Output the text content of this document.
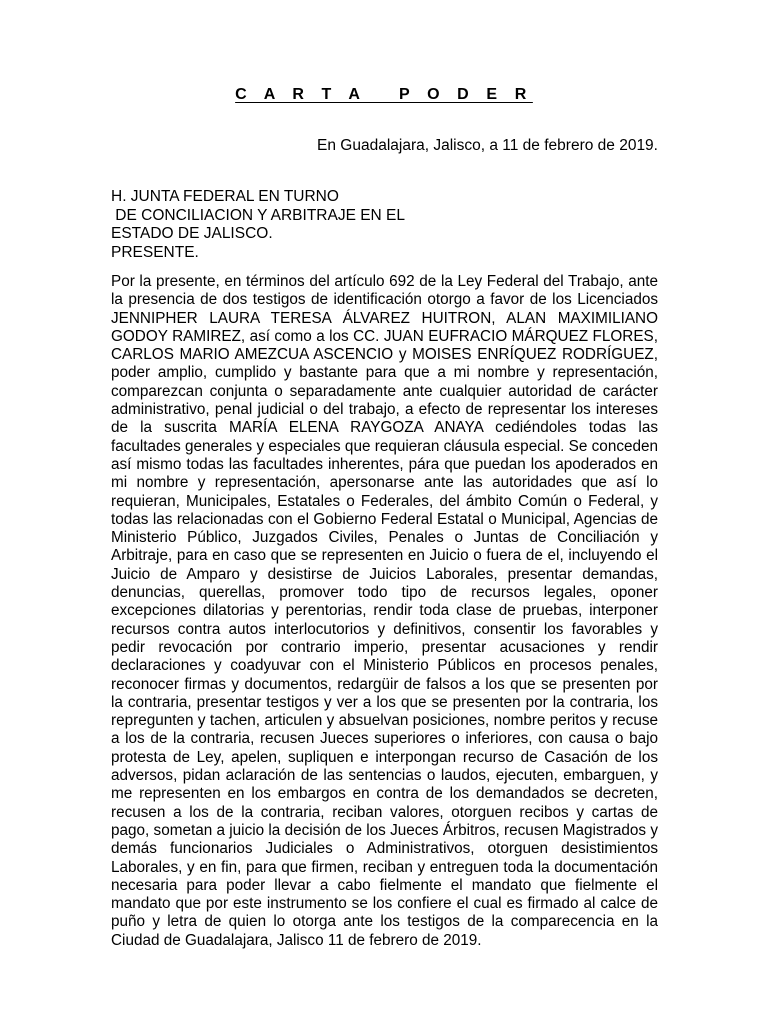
C A R T A   P O D E R

En Guadalajara, Jalisco, a 11 de febrero de 2019.

H. JUNTA FEDERAL EN TURNO
DE CONCILIACION Y ARBITRAJE EN EL
ESTADO DE JALISCO.
PRESENTE.

Por la presente, en términos del artículo 692 de la Ley Federal del Trabajo, ante la presencia de dos testigos de identificación otorgo a favor de los Licenciados JENNIPHER LAURA TERESA ÁLVAREZ HUITRON, ALAN MAXIMILIANO GODOY RAMIREZ, así como a los CC. JUAN EUFRACIO MÁRQUEZ FLORES, CARLOS MARIO AMEZCUA ASCENCIO y MOISES ENRÍQUEZ RODRÍGUEZ, poder amplio, cumplido y bastante para que a mi nombre y representación, comparezcan conjunta o separadamente ante cualquier autoridad de carácter administrativo, penal judicial o del trabajo, a efecto de representar los intereses de la suscrita MARÍA ELENA RAYGOZA ANAYA cediéndoles todas las facultades generales y especiales que requieran cláusula especial. Se conceden así mismo todas las facultades inherentes, pára que puedan los apoderados en mi nombre y representación, apersonarse ante las autoridades que así lo requieran, Municipales, Estatales o Federales, del ámbito Común o Federal, y todas las relacionadas con el Gobierno Federal Estatal o Municipal, Agencias de Ministerio Público, Juzgados Civiles, Penales o Juntas de Conciliación y Arbitraje, para en caso que se representen en Juicio o fuera de el, incluyendo el Juicio de Amparo y desistirse de Juicios Laborales, presentar demandas, denuncias, querellas, promover todo tipo de recursos legales, oponer excepciones dilatorias y perentorias, rendir toda clase de pruebas, interponer recursos contra autos interlocutorios y definitivos, consentir los favorables y pedir revocación por contrario imperio, presentar acusaciones y rendir declaraciones y coadyuvar con el Ministerio Públicos en procesos penales, reconocer firmas y documentos, redargüir de falsos a los que se presenten por la contraria, presentar testigos y ver a los que se presenten por la contraria, los repregunten y tachen, articulen y absuelvan posiciones, nombre peritos y recuse a los de la contraria, recusen Jueces superiores o inferiores, con causa o bajo protesta de Ley, apelen, supliquen e interpongan recurso de Casación de los adversos, pidan aclaración de las sentencias o laudos, ejecuten, embarguen, y me representen en los embargos en contra de los demandados se decreten, recusen a los de la contraria, reciban valores, otorguen recibos y cartas de pago, sometan a juicio la decisión de los Jueces Árbitros, recusen Magistrados y demás funcionarios Judiciales o Administrativos, otorguen desistimientos Laborales, y en fin, para que firmen, reciban y entreguen toda la documentación necesaria para poder llevar a cabo fielmente el mandato que fielmente el mandato que por este instrumento se los confiere el cual es firmado al calce de puño y letra de quien lo otorga ante los testigos de la comparecencia en la Ciudad de Guadalajara, Jalisco 11 de febrero de 2019.
